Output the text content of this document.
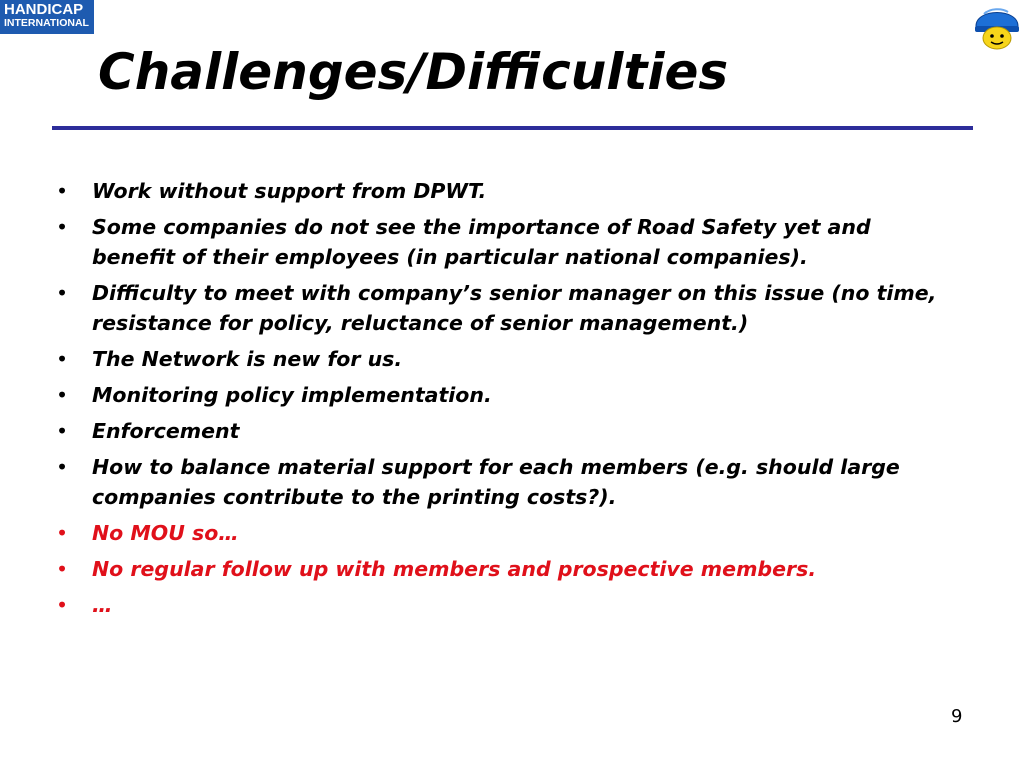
HANDICAP
INTERNATIONAL
Challenges/Difficulties
• Work without support from DPWT.
• Some companies do not see the importance of Road Safety yet and benefit of their employees (in particular national companies).
• Difficulty to meet with company’s senior manager on this issue (no time, resistance for policy, reluctance of senior management.)
• The Network is new for us.
• Monitoring policy implementation.
• Enforcement
• How to balance material support for each members (e.g. should large companies contribute to the printing costs?).
• No MOU so…
• No regular follow up with members and prospective members.
• …
9
